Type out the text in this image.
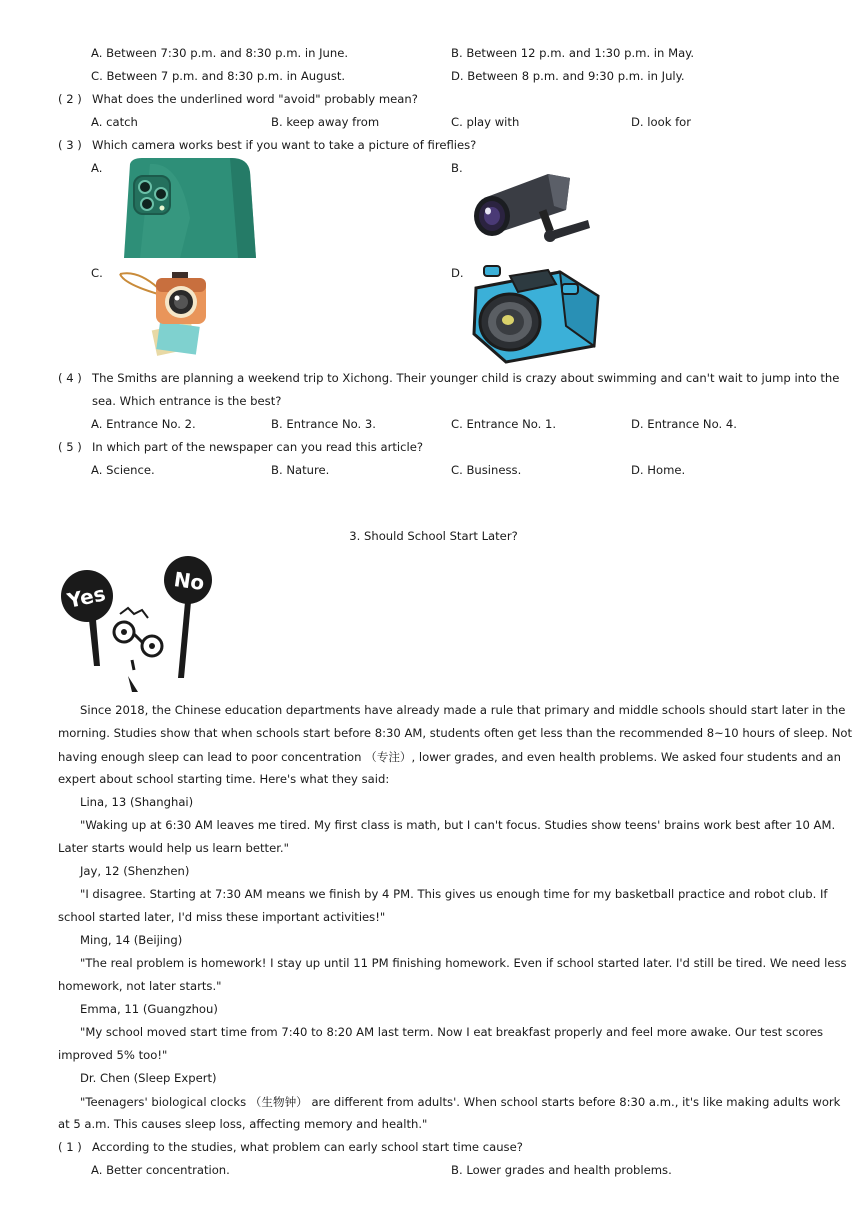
A. Between 7:30 p.m. and 8:30 p.m. in June.	B. Between 12 p.m. and 1:30 p.m. in May.
C. Between 7 p.m. and 8:30 p.m. in August.	D. Between 8 p.m. and 9:30 p.m. in July.
( 2 ) What does the underlined word "avoid" probably mean?
A. catch	B. keep away from	C. play with	D. look for
( 3 ) Which camera works best if you want to take a picture of fireflies?
A.	B.
C.	D.
( 4 ) The Smiths are planning a weekend trip to Xichong. Their younger child is crazy about swimming and can't wait to jump into the
sea. Which entrance is the best?
A. Entrance No. 2.	B. Entrance No. 3.	C. Entrance No. 1.	D. Entrance No. 4.
( 5 ) In which part of the newspaper can you read this article?
A. Science.	B. Nature.	C. Business.	D. Home.
3. Should School Start Later?
Yes
No
Since 2018, the Chinese education departments have already made a rule that primary and middle schools should start later in the
morning. Studies show that when schools start before 8:30 AM, students often get less than the recommended 8~10 hours of sleep. Not
having enough sleep can lead to poor concentration （专注）, lower grades, and even health problems. We asked four students and an
expert about school starting time. Here's what they said:
Lina, 13 (Shanghai)
"Waking up at 6:30 AM leaves me tired. My first class is math, but I can't focus. Studies show teens' brains work best after 10 AM.
Later starts would help us learn better."
Jay, 12 (Shenzhen)
"I disagree. Starting at 7:30 AM means we finish by 4 PM. This gives us enough time for my basketball practice and robot club. If
school started later, I'd miss these important activities!"
Ming, 14 (Beijing)
"The real problem is homework! I stay up until 11 PM finishing homework. Even if school started later. I'd still be tired. We need less
homework, not later starts."
Emma, 11 (Guangzhou)
"My school moved start time from 7:40 to 8:20 AM last term. Now I eat breakfast properly and feel more awake. Our test scores
improved 5% too!"
Dr. Chen (Sleep Expert)
"Teenagers' biological clocks （生物钟） are different from adults'. When school starts before 8:30 a.m., it's like making adults work
at 5 a.m. This causes sleep loss, affecting memory and health."
( 1 ) According to the studies, what problem can early school start time cause?
A. Better concentration.	B. Lower grades and health problems.
